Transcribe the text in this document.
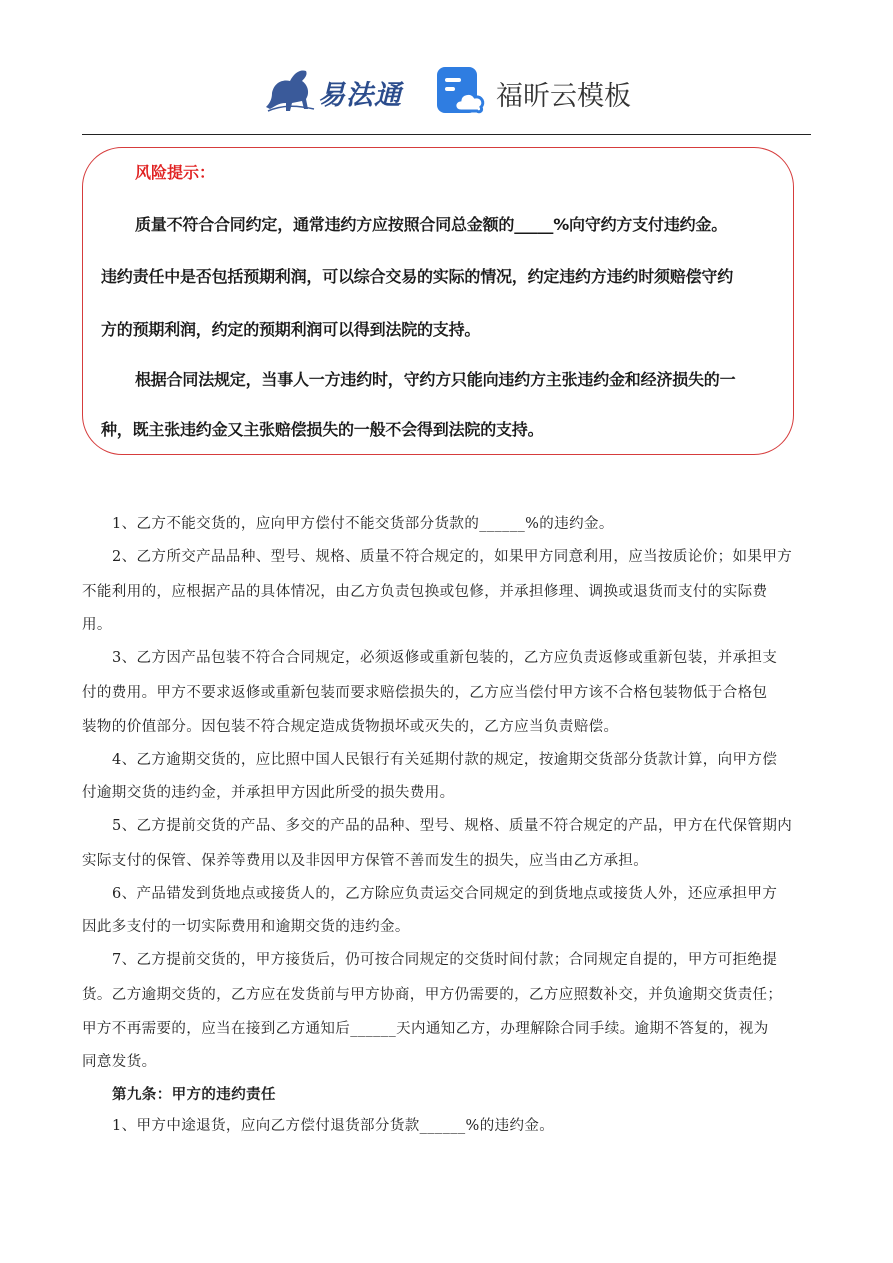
易法通	福昕云模板
风险提示：
质量不符合合同约定，通常违约方应按照合同总金额的_____%向守约方支付违约金。
违约责任中是否包括预期利润，可以综合交易的实际的情况，约定违约方违约时须赔偿守约
方的预期利润，约定的预期利润可以得到法院的支持。
根据合同法规定，当事人一方违约时，守约方只能向违约方主张违约金和经济损失的一
种，既主张违约金又主张赔偿损失的一般不会得到法院的支持。
1、乙方不能交货的，应向甲方偿付不能交货部分货款的______%的违约金。
2、乙方所交产品品种、型号、规格、质量不符合规定的，如果甲方同意利用，应当按质论价；如果甲方
不能利用的，应根据产品的具体情况，由乙方负责包换或包修，并承担修理、调换或退货而支付的实际费
用。
3、乙方因产品包装不符合合同规定，必须返修或重新包装的，乙方应负责返修或重新包装，并承担支
付的费用。甲方不要求返修或重新包装而要求赔偿损失的，乙方应当偿付甲方该不合格包装物低于合格包
装物的价值部分。因包装不符合规定造成货物损坏或灭失的，乙方应当负责赔偿。
4、乙方逾期交货的，应比照中国人民银行有关延期付款的规定，按逾期交货部分货款计算，向甲方偿
付逾期交货的违约金，并承担甲方因此所受的损失费用。
5、乙方提前交货的产品、多交的产品的品种、型号、规格、质量不符合规定的产品，甲方在代保管期内
实际支付的保管、保养等费用以及非因甲方保管不善而发生的损失，应当由乙方承担。
6、产品错发到货地点或接货人的，乙方除应负责运交合同规定的到货地点或接货人外，还应承担甲方
因此多支付的一切实际费用和逾期交货的违约金。
7、乙方提前交货的，甲方接货后，仍可按合同规定的交货时间付款；合同规定自提的，甲方可拒绝提
货。乙方逾期交货的，乙方应在发货前与甲方协商，甲方仍需要的，乙方应照数补交，并负逾期交货责任；
甲方不再需要的，应当在接到乙方通知后______天内通知乙方，办理解除合同手续。逾期不答复的，视为
同意发货。
第九条：甲方的违约责任
1、甲方中途退货，应向乙方偿付退货部分货款______%的违约金。
